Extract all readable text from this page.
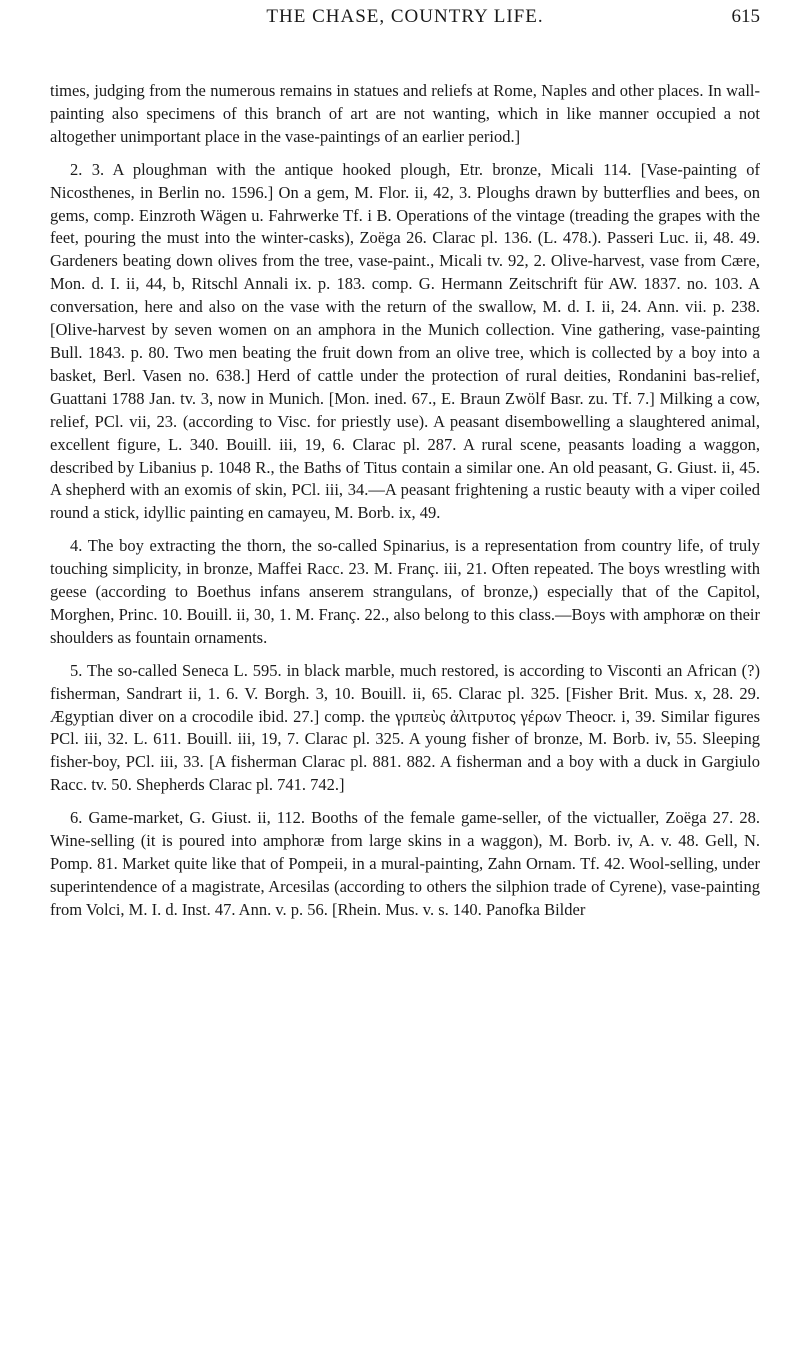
THE CHASE, COUNTRY LIFE.	615

times, judging from the numerous remains in statues and reliefs at Rome, Naples and other places. In wall-painting also specimens of this branch of art are not wanting, which in like manner occupied a not altogether unimportant place in the vase-paintings of an earlier period.]

2. 3. A ploughman with the antique hooked plough, Etr. bronze, Micali 114. [Vase-painting of Nicosthenes, in Berlin no. 1596.] On a gem, M. Flor. ii, 42, 3. Ploughs drawn by butterflies and bees, on gems, comp. Einzroth Wägen u. Fahrwerke Tf. i B. Operations of the vintage (treading the grapes with the feet, pouring the must into the winter-casks), Zoëga 26. Clarac pl. 136. (L. 478.). Passeri Luc. ii, 48. 49. Gardeners beating down olives from the tree, vase-paint., Micali tv. 92, 2. Olive-harvest, vase from Cære, Mon. d. I. ii, 44, b, Ritschl Annali ix. p. 183. comp. G. Hermann Zeitschrift für AW. 1837. no. 103. A conversation, here and also on the vase with the return of the swallow, M. d. I. ii, 24. Ann. vii. p. 238. [Olive-harvest by seven women on an amphora in the Munich collection. Vine gathering, vase-painting Bull. 1843. p. 80. Two men beating the fruit down from an olive tree, which is collected by a boy into a basket, Berl. Vasen no. 638.] Herd of cattle under the protection of rural deities, Rondanini bas-relief, Guattani 1788 Jan. tv. 3, now in Munich. [Mon. ined. 67., E. Braun Zwölf Basr. zu. Tf. 7.] Milking a cow, relief, PCl. vii, 23. (according to Visc. for priestly use). A peasant disembowelling a slaughtered animal, excellent figure, L. 340. Bouill. iii, 19, 6. Clarac pl. 287. A rural scene, peasants loading a waggon, described by Libanius p. 1048 R., the Baths of Titus contain a similar one. An old peasant, G. Giust. ii, 45. A shepherd with an exomis of skin, PCl. iii, 34.—A peasant frightening a rustic beauty with a viper coiled round a stick, idyllic painting en camayeu, M. Borb. ix, 49.

4. The boy extracting the thorn, the so-called Spinarius, is a representation from country life, of truly touching simplicity, in bronze, Maffei Racc. 23. M. Franç. iii, 21. Often repeated. The boys wrestling with geese (according to Boethus infans anserem strangulans, of bronze,) especially that of the Capitol, Morghen, Princ. 10. Bouill. ii, 30, 1. M. Franç. 22., also belong to this class.—Boys with amphoræ on their shoulders as fountain ornaments.

5. The so-called Seneca L. 595. in black marble, much restored, is according to Visconti an African (?) fisherman, Sandrart ii, 1. 6. V. Borgh. 3, 10. Bouill. ii, 65. Clarac pl. 325. [Fisher Brit. Mus. x, 28. 29. Ægyptian diver on a crocodile ibid. 27.] comp. the γριπεὺς ἀλιτρυτος γέρων Theocr. i, 39. Similar figures PCl. iii, 32. L. 611. Bouill. iii, 19, 7. Clarac pl. 325. A young fisher of bronze, M. Borb. iv, 55. Sleeping fisher-boy, PCl. iii, 33. [A fisherman Clarac pl. 881. 882. A fisherman and a boy with a duck in Gargiulo Racc. tv. 50. Shepherds Clarac pl. 741. 742.]

6. Game-market, G. Giust. ii, 112. Booths of the female game-seller, of the victualler, Zoëga 27. 28. Wine-selling (it is poured into amphoræ from large skins in a waggon), M. Borb. iv, A. v. 48. Gell, N. Pomp. 81. Market quite like that of Pompeii, in a mural-painting, Zahn Ornam. Tf. 42. Wool-selling, under superintendence of a magistrate, Arcesilas (according to others the silphion trade of Cyrene), vase-painting from Volci, M. I. d. Inst. 47. Ann. v. p. 56. [Rhein. Mus. v. s. 140. Panofka Bilder
